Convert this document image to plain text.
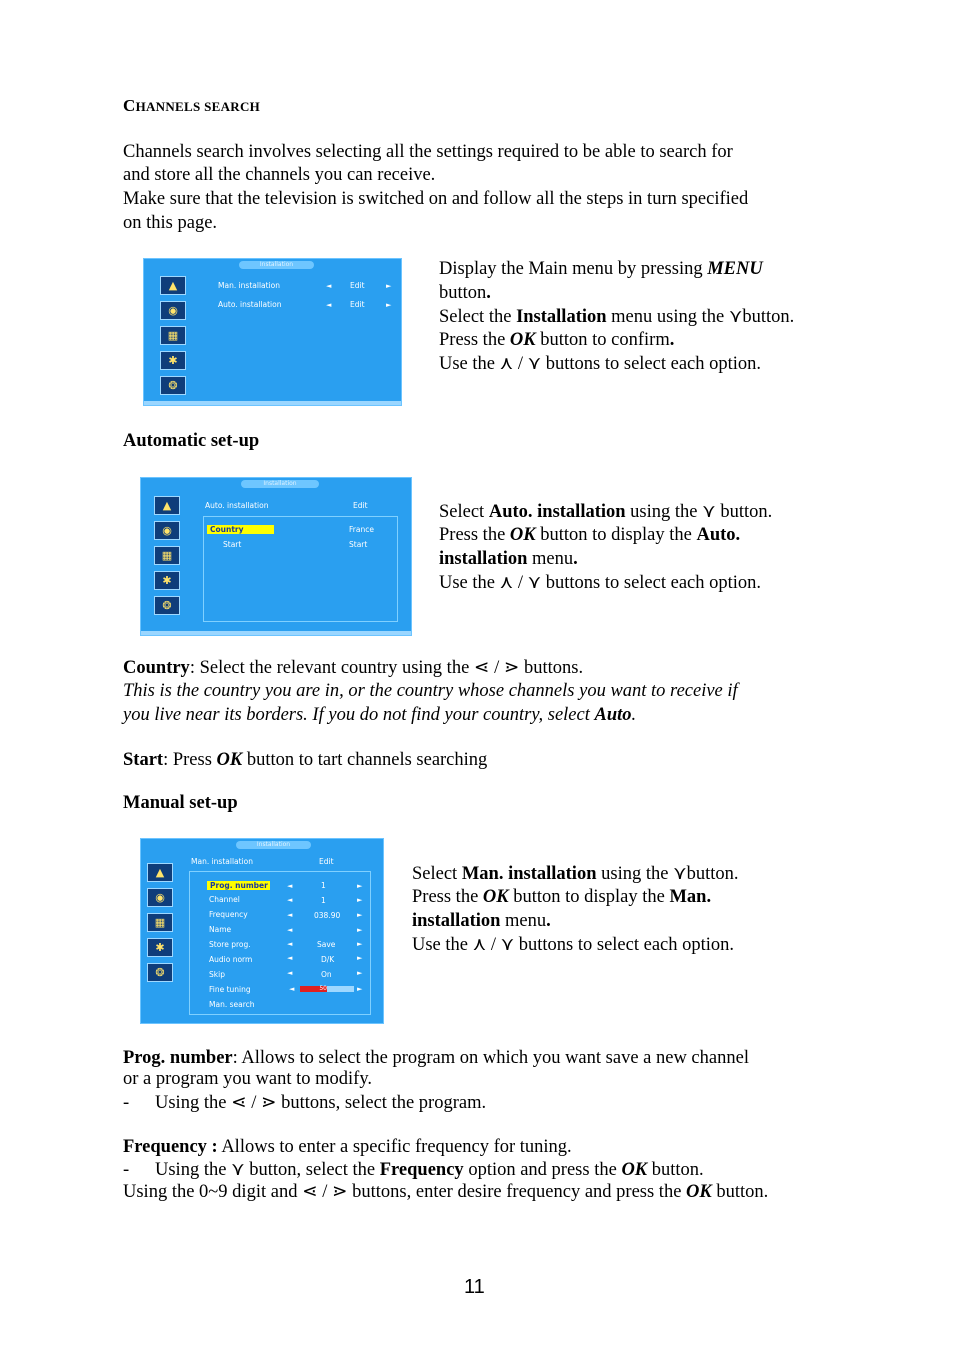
CHANNELS SEARCH
Channels search involves selecting all the settings required to be able to search for
and store all the channels you can receive.
Make sure that the television is switched on and follow all the steps in turn specified
on this page.
Installation
▲
◉
▦
✱
❂
Man. installation	◄ Edit	►
Auto. installation	◄ Edit	►
Display the Main menu by pressing MENU
button.
Select the Installation menu using the ⋎button.
Press the OK button to confirm.
Use the ⋏ / ⋎ buttons to select each option.
Automatic set-up
Installation
▲
◉
▦
✱
❂
Auto. installation	Edit
Country	France
Start	Start
Select Auto. installation using the ⋎ button.
Press the OK button to display the Auto.
installation menu.
Use the ⋏ / ⋎ buttons to select each option.
Country: Select the relevant country using the ⋖ / ⋗ buttons.
This is the country you are in, or the country whose channels you want to receive if
you live near its borders. If you do not find your country, select Auto.
Start: Press OK button to tart channels searching
Manual set-up
Installation
▲
◉
▦
✱
❂
Man. installation	Edit
Prog. number	◄	1	►
Channel	◄	1	►
Frequency	◄	038.90 ►
Name	◄	►
Store prog.	◄	Save	►
Audio norm	◄	D/K	►
Skip	◄	On	►
Fine tuning	◄	50	►
Man. search
Select Man. installation using the ⋎button.
Press the OK button to display the Man.
installation menu.
Use the ⋏ / ⋎ buttons to select each option.
Prog. number: Allows to select the program on which you want save a new channel
or a program you want to modify.
- Using the ⋖ / ⋗ buttons, select the program.
Frequency : Allows to enter a specific frequency for tuning.
- Using the ⋎ button, select the Frequency option and press the OK button.
Using the 0~9 digit and ⋖ / ⋗ buttons, enter desire frequency and press the OK button.
11
